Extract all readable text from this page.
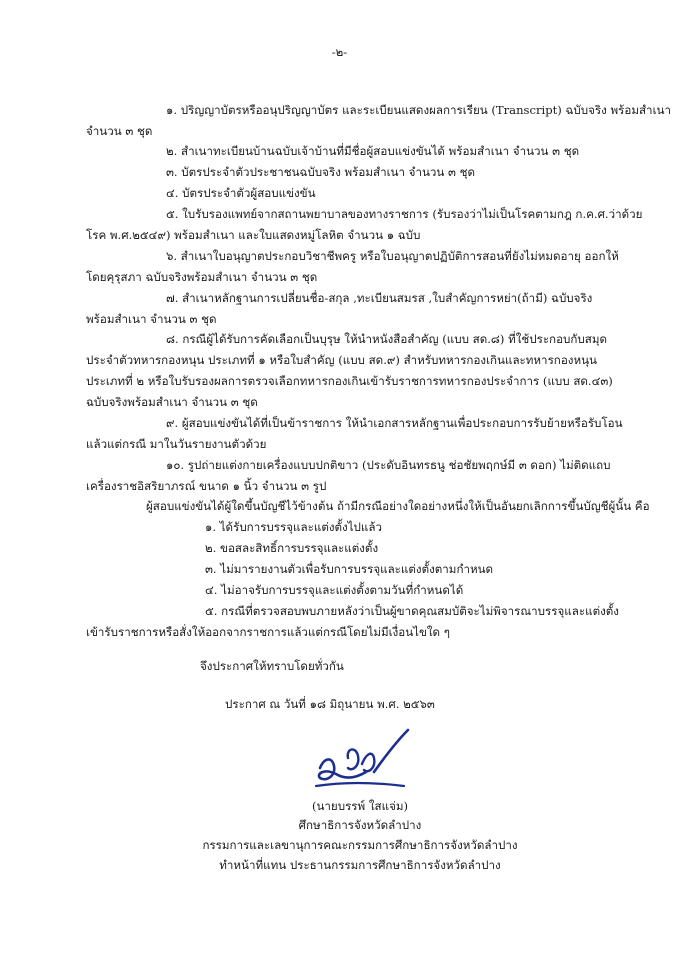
-๒-
๑. ปริญญาบัตรหรืออนุปริญญาบัตร และระเบียนแสดงผลการเรียน (Transcript) ฉบับจริง พร้อมสำเนา
จำนวน ๓ ชุด
๒. สำเนาทะเบียนบ้านฉบับเจ้าบ้านที่มีชื่อผู้สอบแข่งขันได้ พร้อมสำเนา จำนวน ๓ ชุด
๓. บัตรประจำตัวประชาชนฉบับจริง พร้อมสำเนา จำนวน ๓ ชุด
๔. บัตรประจำตัวผู้สอบแข่งขัน
๕. ใบรับรองแพทย์จากสถานพยาบาลของทางราชการ (รับรองว่าไม่เป็นโรคตามกฎ ก.ค.ศ.ว่าด้วย
โรค พ.ศ.๒๕๔๙) พร้อมสำเนา และใบแสดงหมู่โลหิต จำนวน ๑ ฉบับ
๖. สำเนาใบอนุญาตประกอบวิชาชีพครู หรือใบอนุญาตปฏิบัติการสอนที่ยังไม่หมดอายุ ออกให้
โดยคุรุสภา ฉบับจริงพร้อมสำเนา จำนวน ๓ ชุด
๗. สำเนาหลักฐานการเปลี่ยนชื่อ-สกุล ,ทะเบียนสมรส ,ใบสำคัญการหย่า(ถ้ามี) ฉบับจริง
พร้อมสำเนา จำนวน ๓ ชุด
๘. กรณีผู้ได้รับการคัดเลือกเป็นบุรุษ ให้นำหนังสือสำคัญ (แบบ สด.๘) ที่ใช้ประกอบกับสมุด
ประจำตัวทหารกองหนุน ประเภทที่ ๑ หรือใบสำคัญ (แบบ สด.๙) สำหรับทหารกองเกินและทหารกองหนุน
ประเภทที่ ๒ หรือใบรับรองผลการตรวจเลือกทหารกองเกินเข้ารับราชการทหารกองประจำการ (แบบ สด.๔๓)
ฉบับจริงพร้อมสำเนา จำนวน ๓ ชุด
๙. ผู้สอบแข่งขันได้ที่เป็นข้าราชการ ให้นำเอกสารหลักฐานเพื่อประกอบการรับย้ายหรือรับโอน
แล้วแต่กรณี มาในวันรายงานตัวด้วย
๑๐. รูปถ่ายแต่งกายเครื่องแบบปกติขาว (ประดับอินทรธนู ช่อชัยพฤกษ์มี ๓ ดอก) ไม่ติดแถบ
เครื่องราชอิสริยาภรณ์ ขนาด ๑ นิ้ว จำนวน ๓ รูป
ผู้สอบแข่งขันได้ผู้ใดขึ้นบัญชีไว้ข้างต้น ถ้ามีกรณีอย่างใดอย่างหนึ่งให้เป็นอันยกเลิกการขึ้นบัญชีผู้นั้น คือ
๑. ได้รับการบรรจุและแต่งตั้งไปแล้ว
๒. ขอสละสิทธิ์การบรรจุและแต่งตั้ง
๓. ไม่มารายงานตัวเพื่อรับการบรรจุและแต่งตั้งตามกำหนด
๔. ไม่อาจรับการบรรจุและแต่งตั้งตามวันที่กำหนดได้
๕. กรณีที่ตรวจสอบพบภายหลังว่าเป็นผู้ขาดคุณสมบัติจะไม่พิจารณาบรรจุและแต่งตั้ง
เข้ารับราชการหรือสั่งให้ออกจากราชการแล้วแต่กรณีโดยไม่มีเงื่อนไขใด ๆ
จึงประกาศให้ทราบโดยทั่วกัน
ประกาศ ณ วันที่ ๑๘ มิถุนายน พ.ศ. ๒๕๖๓
(นายบรรพ์ ใสแจ่ม)
ศึกษาธิการจังหวัดลำปาง
กรรมการและเลขานุการคณะกรรมการศึกษาธิการจังหวัดลำปาง
ทำหน้าที่แทน ประธานกรรมการศึกษาธิการจังหวัดลำปาง
